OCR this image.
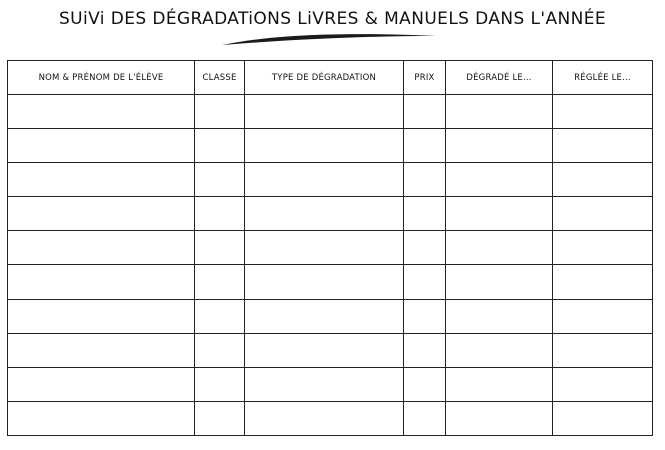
SUiVi DES DÉGRADATiONS LiVRES & MANUELS DANS L'ANNÉE
NOM & PRÉNOM DE L'ÉLÈVE	CLASSE	TYPE DE DÉGRADATION	PRIX	DÉGRADÉ LE...	RÉGLÉE LE...
